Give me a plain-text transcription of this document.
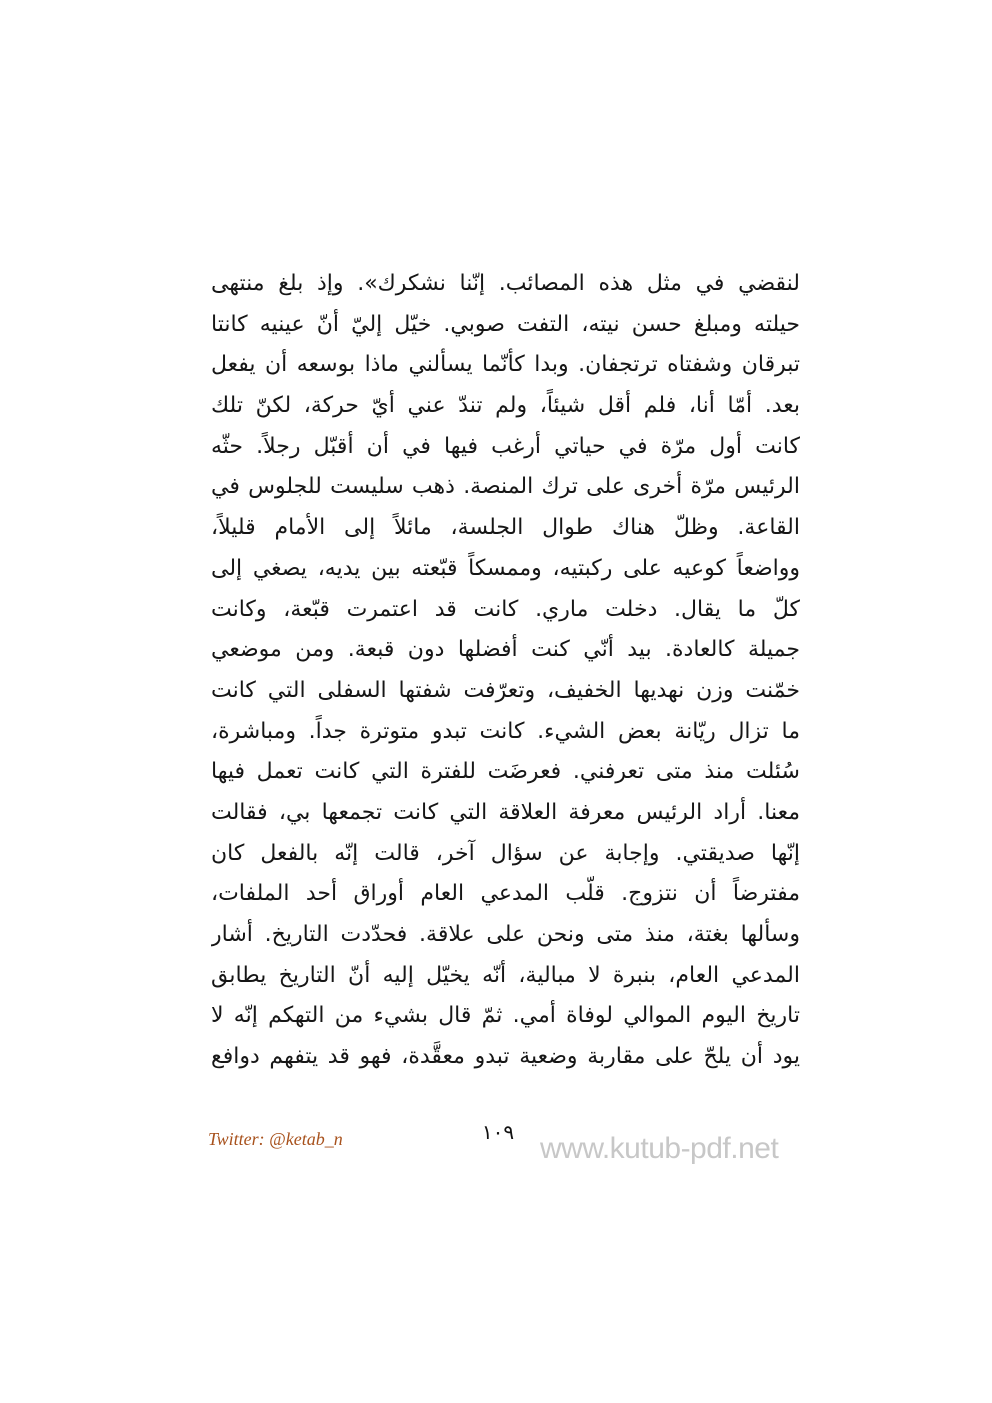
لنقضي في مثل هذه المصائب. إنّنا نشكرك». وإذ بلغ منتهى
حيلته ومبلغ حسن نيته، التفت صوبي. خيّل إليّ أنّ عينيه كانتا
تبرقان وشفتاه ترتجفان. وبدا كأنّما يسألني ماذا بوسعه أن يفعل
بعد. أمّا أنا، فلم أقل شيئاً، ولم تندّ عني أيّ حركة، لكنّ تلك
كانت أول مرّة في حياتي أرغب فيها في أن أقبّل رجلاً. حثّه
الرئيس مرّة أخرى على ترك المنصة. ذهب سليست للجلوس في
القاعة. وظلّ هناك طوال الجلسة، مائلاً إلى الأمام قليلاً،
وواضعاً كوعيه على ركبتيه، وممسكاً قبّعته بين يديه، يصغي إلى
كلّ ما يقال. دخلت ماري. كانت قد اعتمرت قبّعة، وكانت
جميلة كالعادة. بيد أنّي كنت أفضلها دون قبعة. ومن موضعي
خمّنت وزن نهديها الخفيف، وتعرّفت شفتها السفلى التي كانت
ما تزال ريّانة بعض الشيء. كانت تبدو متوترة جداً. ومباشرة،
سُئلت منذ متى تعرفني. فعرضَت للفترة التي كانت تعمل فيها
معنا. أراد الرئيس معرفة العلاقة التي كانت تجمعها بي، فقالت
إنّها صديقتي. وإجابة عن سؤال آخر، قالت إنّه بالفعل كان
مفترضاً أن نتزوج. قلّب المدعي العام أوراق أحد الملفات،
وسألها بغتة، منذ متى ونحن على علاقة. فحدّدت التاريخ. أشار
المدعي العام، بنبرة لا مبالية، أنّه يخيّل إليه أنّ التاريخ يطابق
تاريخ اليوم الموالي لوفاة أمي. ثمّ قال بشيء من التهكم إنّه لا
يود أن يلحّ على مقاربة وضعية تبدو معقَّدة، فهو قد يتفهم دوافع
Twitter: @ketab_n	١٠٩ www.kutub-pdf.net
